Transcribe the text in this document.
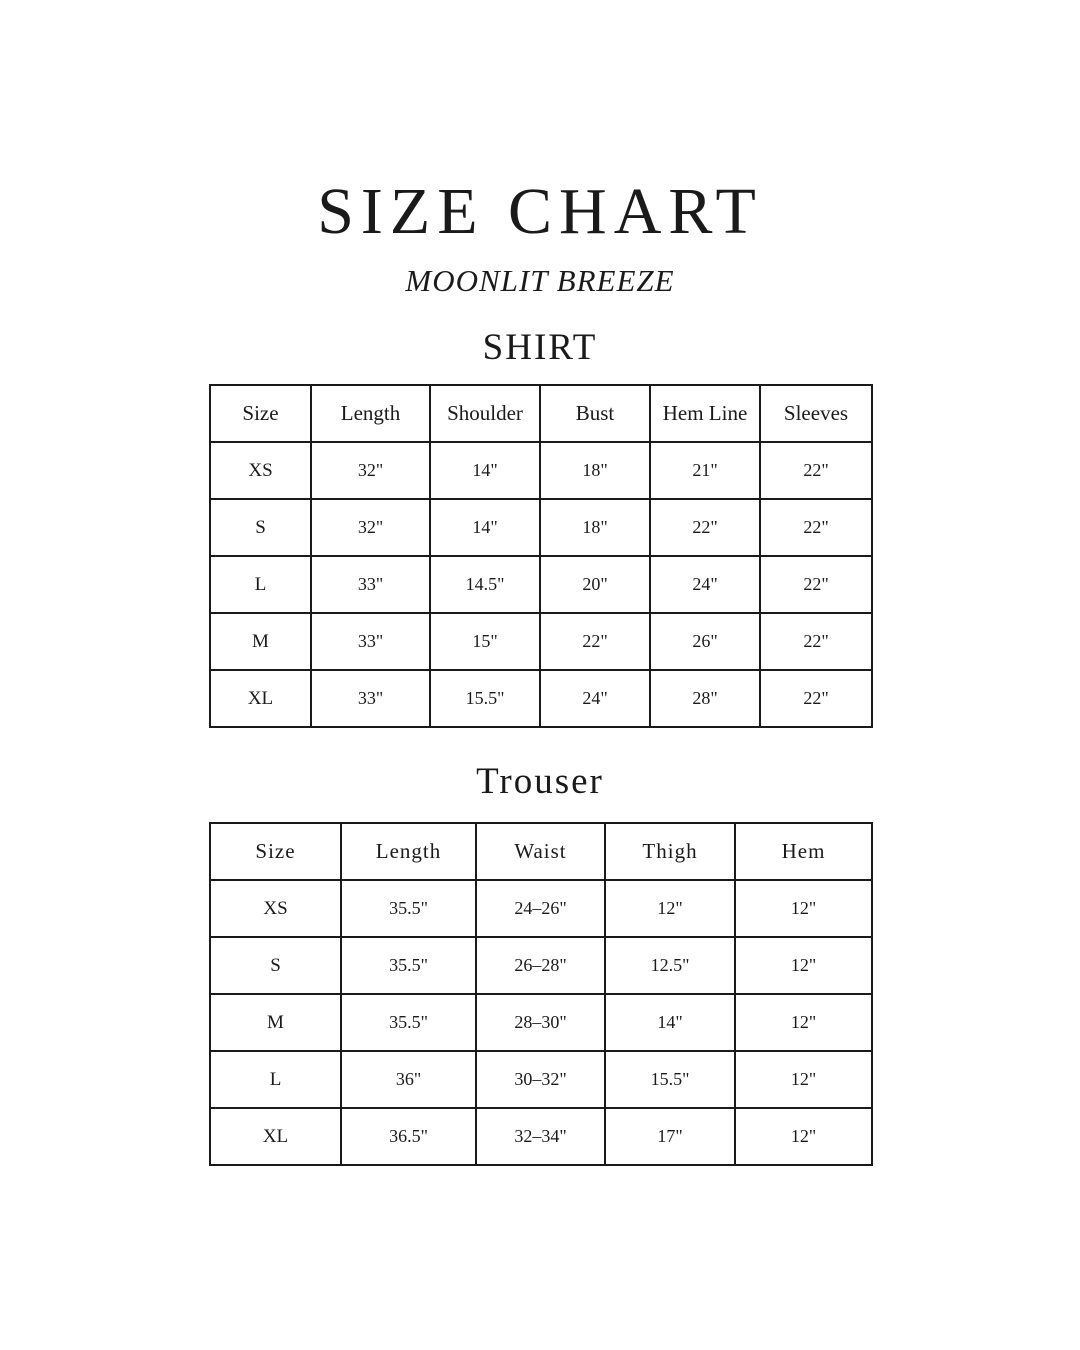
SIZE CHART
MOONLIT BREEZE
SHIRT
Size	Length	Shoulder	Bust	Hem Line	Sleeves
XS	32"	14"	18"	21"	22"
S	32"	14"	18"	22"	22"
L	33"	14.5"	20"	24"	22"
M	33"	15"	22"	26"	22"
XL	33"	15.5"	24"	28"	22"
Trouser
Size	Length	Waist	Thigh	Hem
XS	35.5"	24–26"	12"	12"
S	35.5"	26–28"	12.5"	12"
M	35.5"	28–30"	14"	12"
L	36"	30–32"	15.5"	12"
XL	36.5"	32–34"	17"	12"
